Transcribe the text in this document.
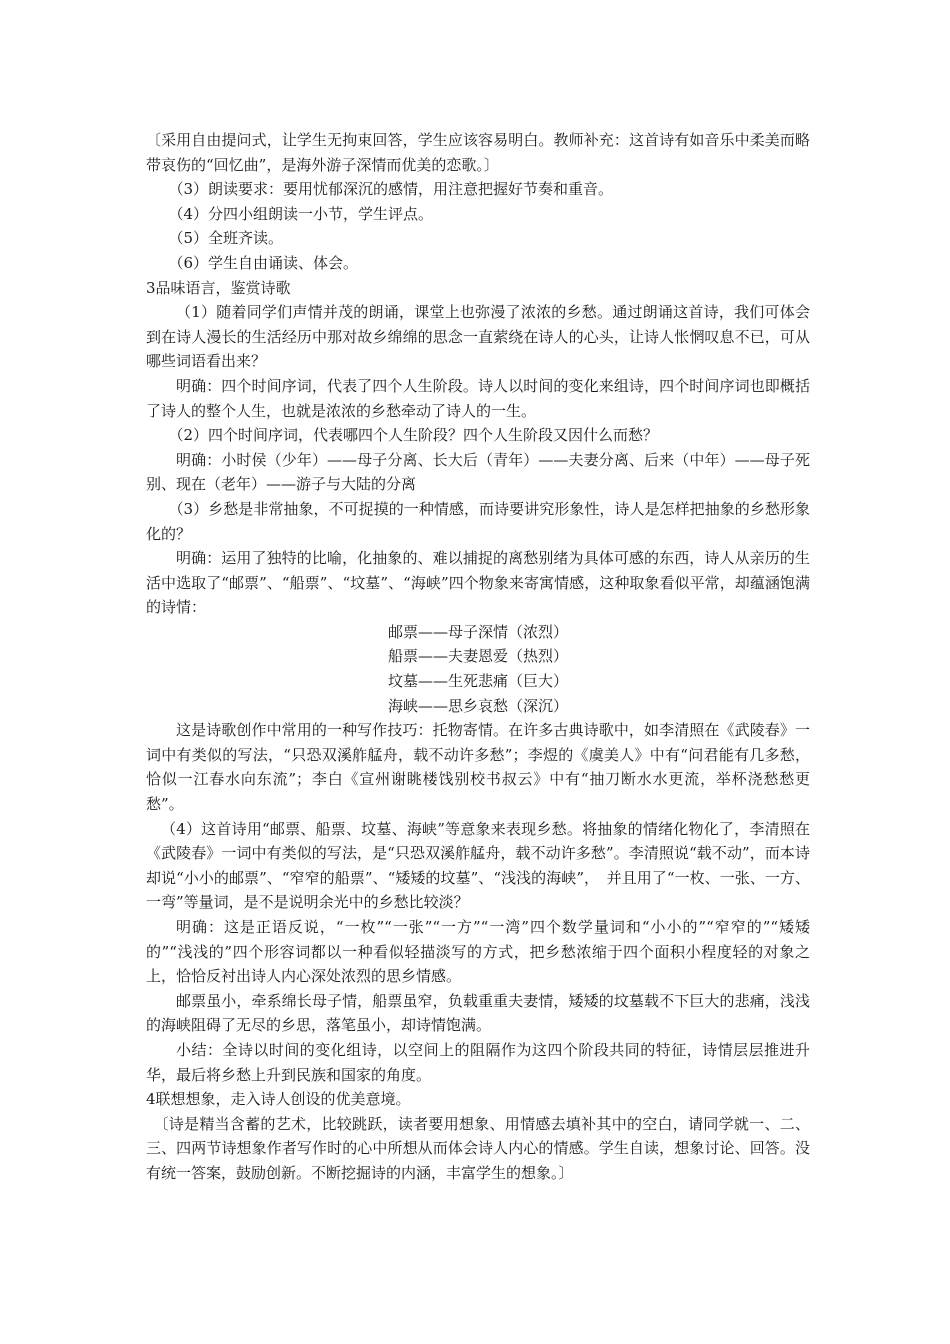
〔采用自由提问式，让学生无拘束回答，学生应该容易明白。教师补充：这首诗有如音乐中柔美而略带哀伤的“回忆曲”，是海外游子深情而优美的恋歌。〕

（3）朗读要求：要用忧郁深沉的感情，用注意把握好节奏和重音。

（4）分四小组朗读一小节，学生评点。

（5）全班齐读。

（6）学生自由诵读、体会。

3品味语言，鉴赏诗歌

（1）随着同学们声情并茂的朗诵，课堂上也弥漫了浓浓的乡愁。通过朗诵这首诗，我们可体会到在诗人漫长的生活经历中那对故乡绵绵的思念一直萦绕在诗人的心头，让诗人怅惘叹息不已，可从哪些词语看出来？

明确：四个时间序词，代表了四个人生阶段。诗人以时间的变化来组诗，四个时间序词也即概括了诗人的整个人生，也就是浓浓的乡愁牵动了诗人的一生。

（2）四个时间序词，代表哪四个人生阶段？四个人生阶段又因什么而愁？

明确：小时侯（少年）——母子分离、长大后（青年）——夫妻分离、后来（中年）——母子死别、现在（老年）——游子与大陆的分离

（3）乡愁是非常抽象，不可捉摸的一种情感，而诗要讲究形象性，诗人是怎样把抽象的乡愁形象化的？

明确：运用了独特的比喻，化抽象的、难以捕捉的离愁别绪为具体可感的东西，诗人从亲历的生活中选取了“邮票”、“船票”、“坟墓”、“海峡”四个物象来寄寓情感，这种取象看似平常，却蕴涵饱满的诗情：

邮票——母子深情（浓烈）

船票——夫妻恩爱（热烈）

坟墓——生死悲痛（巨大）

海峡——思乡哀愁（深沉）

这是诗歌创作中常用的一种写作技巧：托物寄情。在许多古典诗歌中，如李清照在《武陵春》一词中有类似的写法，“只恐双溪舴艋舟，载不动许多愁”；李煜的《虞美人》中有“问君能有几多愁，恰似一江春水向东流”；李白《宣州谢眺楼饯别校书叔云》中有“抽刀断水水更流，举杯浇愁愁更愁”。

（4）这首诗用“邮票、船票、坟墓、海峡”等意象来表现乡愁。将抽象的情绪化物化了，李清照在《武陵春》一词中有类似的写法，是“只恐双溪舴艋舟，载不动许多愁”。李清照说“载不动”，而本诗却说“小小的邮票”、“窄窄的船票”、“矮矮的坟墓”、“浅浅的海峡”，　并且用了“一枚、一张、一方、一弯”等量词，是不是说明余光中的乡愁比较淡？

明确：这是正语反说，“一枚”“一张”“一方”“一湾”四个数学量词和“小小的”“窄窄的”“矮矮的”“浅浅的”四个形容词都以一种看似轻描淡写的方式，把乡愁浓缩于四个面积小程度轻的对象之上，恰恰反衬出诗人内心深处浓烈的思乡情感。

邮票虽小，牵系绵长母子情，船票虽窄，负载重重夫妻情，矮矮的坟墓载不下巨大的悲痛，浅浅的海峡阻碍了无尽的乡思，落笔虽小，却诗情饱满。

小结：全诗以时间的变化组诗，以空间上的阻隔作为这四个阶段共同的特征，诗情层层推进升华，最后将乡愁上升到民族和国家的角度。

4联想想象，走入诗人创设的优美意境。

〔诗是精当含蓄的艺术，比较跳跃，读者要用想象、用情感去填补其中的空白，请同学就一、二、三、四两节诗想象作者写作时的心中所想从而体会诗人内心的情感。学生自读，想象讨论、回答。没有统一答案，鼓励创新。不断挖掘诗的内涵，丰富学生的想象。〕
